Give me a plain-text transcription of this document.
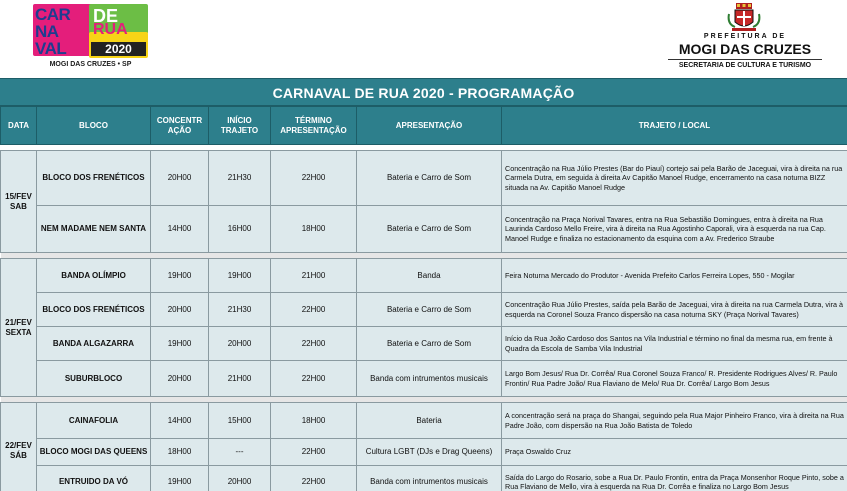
CAR
NA
VAL
DE
RUA
2020
MOGI DAS CRUZES • SP
PREFEITURA DE
MOGI DAS CRUZES
SECRETARIA DE CULTURA E TURISMO
CARNAVAL DE RUA 2020 - PROGRAMAÇÃO
DATA	BLOCO	CONCENTR AÇÃO	INÍCIO TRAJETO	TÉRMINO APRESENTAÇÃO	APRESENTAÇÃO	TRAJETO / LOCAL

15/FEV
SAB	BLOCO DOS FRENÉTICOS	20H00	21H30	22H00	Bateria e Carro de Som	Concentração na Rua Júlio Prestes (Bar do Piauí) cortejo sai pela Barão de Jaceguai, vira à direita na rua Carmela Dutra, em seguida à direita Av Capitão Manoel Rudge, encerramento na casa noturna BIZZ situada na Av. Capitão Manoel Rudge
	NEM MADAME NEM SANTA	14H00	16H00	18H00	Bateria e Carro de Som	Concentração na Praça Norival Tavares, entra na Rua Sebastião Domingues, entra à direita na Rua Laurinda Cardoso Mello Freire, vira à direita na Rua Agostinho Caporali, vira à esquerda na rua Cap. Manoel Rudge e finaliza no estacionamento da esquina com a Av. Frederico Straube

21/FEV
SEXTA	BANDA OLÍMPIO	19H00	19H00	21H00	Banda	Feira Noturna Mercado do Produtor - Avenida Prefeito Carlos Ferreira Lopes, 550 - Mogilar
	BLOCO DOS FRENÉTICOS	20H00	21H30	22H00	Bateria e Carro de Som	Concentração Rua Júlio Prestes, saída pela Barão de Jaceguai, vira à direita na rua Carmela Dutra, vira à esquerda na Coronel Souza Franco dispersão na casa noturna SKY (Praça Norival Tavares)
	BANDA ALGAZARRA	19H00	20H00	22H00	Bateria e Carro de Som	Início da Rua João Cardoso dos Santos na Vila Industrial e término no final da mesma rua, em frente à Quadra da Escola de Samba Vila Industrial
	SUBURBLOCO	20H00	21H00	22H00	Banda com intrumentos musicais	Largo Bom Jesus/ Rua Dr. Corrêa/ Rua Coronel Souza Franco/ R. Presidente Rodrigues Alves/ R. Paulo Frontin/ Rua Padre João/ Rua Flaviano de Melo/ Rua Dr. Corrêa/ Largo Bom Jesus

22/FEV
SÁB	CAINAFOLIA	14H00	15H00	18H00	Bateria	A concentração será na praça do Shangai, seguindo pela Rua Major Pinheiro Franco, vira à direita na Rua Padre João, com dispersão na Rua João Batista de Toledo
	BLOCO MOGI DAS QUEENS	18H00	---	22H00	Cultura LGBT (DJs e Drag Queens)	Praça Oswaldo Cruz
	ENTRUIDO DA VÓ	19H00	20H00	22H00	Banda com intrumentos musicais	Saída do Largo do Rosario, sobe a Rua Dr. Paulo Frontin, entra da Praça Monsenhor Roque Pinto, sobe a Rua Flaviano de Mello, vira à esquerda na Rua Dr. Corrêa e finaliza no Largo Bom Jesus
